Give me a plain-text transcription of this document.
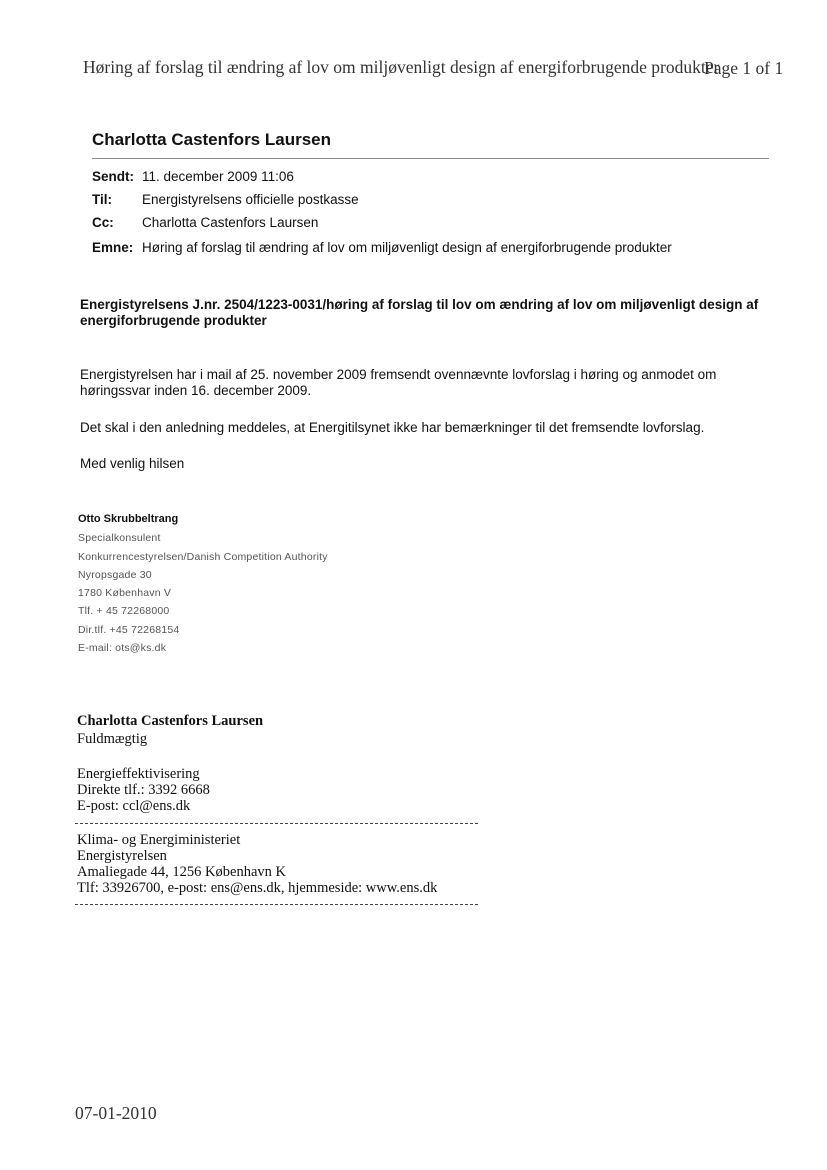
Høring af forslag til ændring af lov om miljøvenligt design af energiforbrugende produkter
Page 1 of 1
Charlotta Castenfors Laursen
Sendt: 11. december 2009 11:06
Til: Energistyrelsens officielle postkasse
Cc: Charlotta Castenfors Laursen
Emne: Høring af forslag til ændring af lov om miljøvenligt design af energiforbrugende produkter
Energistyrelsens J.nr. 2504/1223-0031/høring af forslag til lov om ændring af lov om miljøvenligt design af energiforbrugende produkter
Energistyrelsen har i mail af 25. november 2009 fremsendt ovennævnte lovforslag i høring og anmodet om høringssvar inden 16. december 2009.
Det skal i den anledning meddeles, at Energitilsynet ikke har bemærkninger til det fremsendte lovforslag.
Med venlig hilsen
Otto Skrubbeltrang
Specialkonsulent
Konkurrencestyrelsen/Danish Competition Authority
Nyropsgade 30
1780 København V
Tlf. + 45 72268000
Dir.tlf. +45 72268154
E-mail: ots@ks.dk
Charlotta Castenfors Laursen
Fuldmægtig
Energieffektivisering
Direkte tlf.: 3392 6668
E-post: ccl@ens.dk
Klima- og Energiministeriet
Energistyrelsen
Amaliegade 44, 1256 København K
Tlf: 33926700, e-post: ens@ens.dk, hjemmeside: www.ens.dk
07-01-2010
